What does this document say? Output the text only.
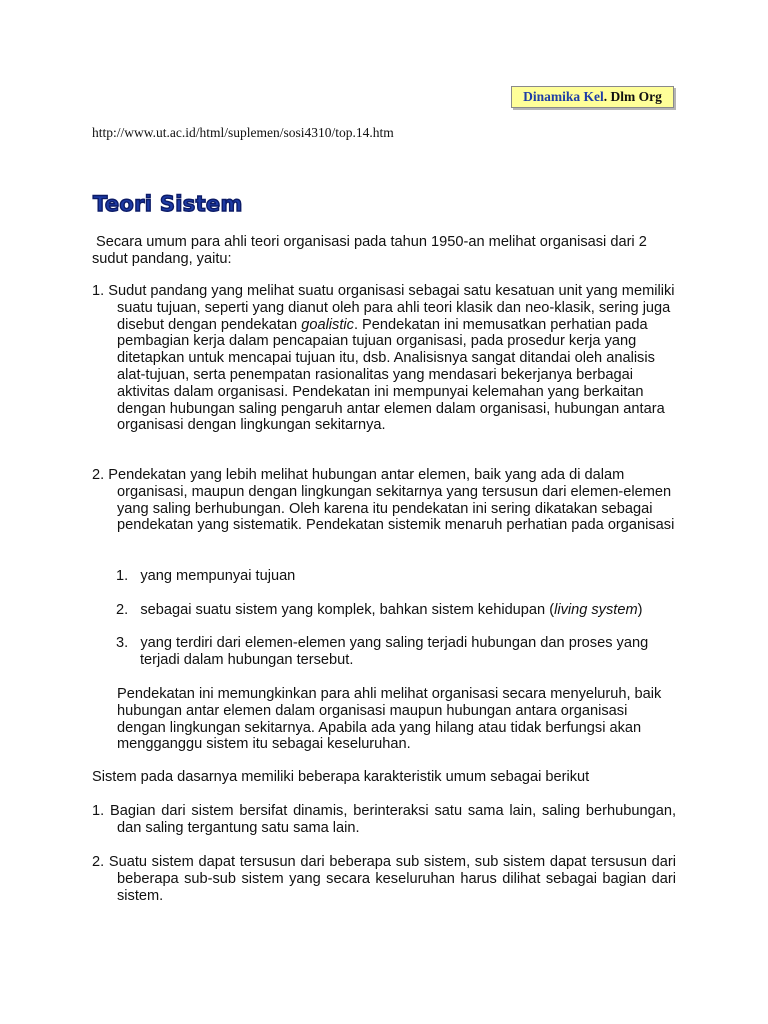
Dinamika Kel. Dlm Org
http://www.ut.ac.id/html/suplemen/sosi4310/top.14.htm
Teori Sistem

Secara umum para ahli teori organisasi pada tahun 1950-an melihat organisasi dari 2 sudut pandang, yaitu:

1. Sudut pandang yang melihat suatu organisasi sebagai satu kesatuan unit yang memiliki suatu tujuan, seperti yang dianut oleh para ahli teori klasik dan neo-klasik, sering juga disebut dengan pendekatan goalistic. Pendekatan ini memusatkan perhatian pada pembagian kerja dalam pencapaian tujuan organisasi, pada prosedur kerja yang ditetapkan untuk mencapai tujuan itu, dsb. Analisisnya sangat ditandai oleh analisis alat-tujuan, serta penempatan rasionalitas yang mendasari bekerjanya berbagai aktivitas dalam organisasi. Pendekatan ini mempunyai kelemahan yang berkaitan dengan hubungan saling pengaruh antar elemen dalam organisasi, hubungan antara organisasi dengan lingkungan sekitarnya.

2. Pendekatan yang lebih melihat hubungan antar elemen, baik yang ada di dalam organisasi, maupun dengan lingkungan sekitarnya yang tersusun dari elemen-elemen yang saling berhubungan. Oleh karena itu pendekatan ini sering dikatakan sebagai pendekatan yang sistematik. Pendekatan sistemik menaruh perhatian pada organisasi

1. yang mempunyai tujuan

2. sebagai suatu sistem yang komplek, bahkan sistem kehidupan (living system)

3. yang terdiri dari elemen-elemen yang saling terjadi hubungan dan proses yang terjadi dalam hubungan tersebut.

Pendekatan ini memungkinkan para ahli melihat organisasi secara menyeluruh, baik hubungan antar elemen dalam organisasi maupun hubungan antara organisasi dengan lingkungan sekitarnya. Apabila ada yang hilang atau tidak berfungsi akan mengganggu sistem itu sebagai keseluruhan.

Sistem pada dasarnya memiliki beberapa karakteristik umum sebagai berikut

1. Bagian dari sistem bersifat dinamis, berinteraksi satu sama lain, saling berhubungan, dan saling tergantung satu sama lain.

2. Suatu sistem dapat tersusun dari beberapa sub sistem, sub sistem dapat tersusun dari beberapa sub-sub sistem yang secara keseluruhan harus dilihat sebagai bagian dari sistem.
